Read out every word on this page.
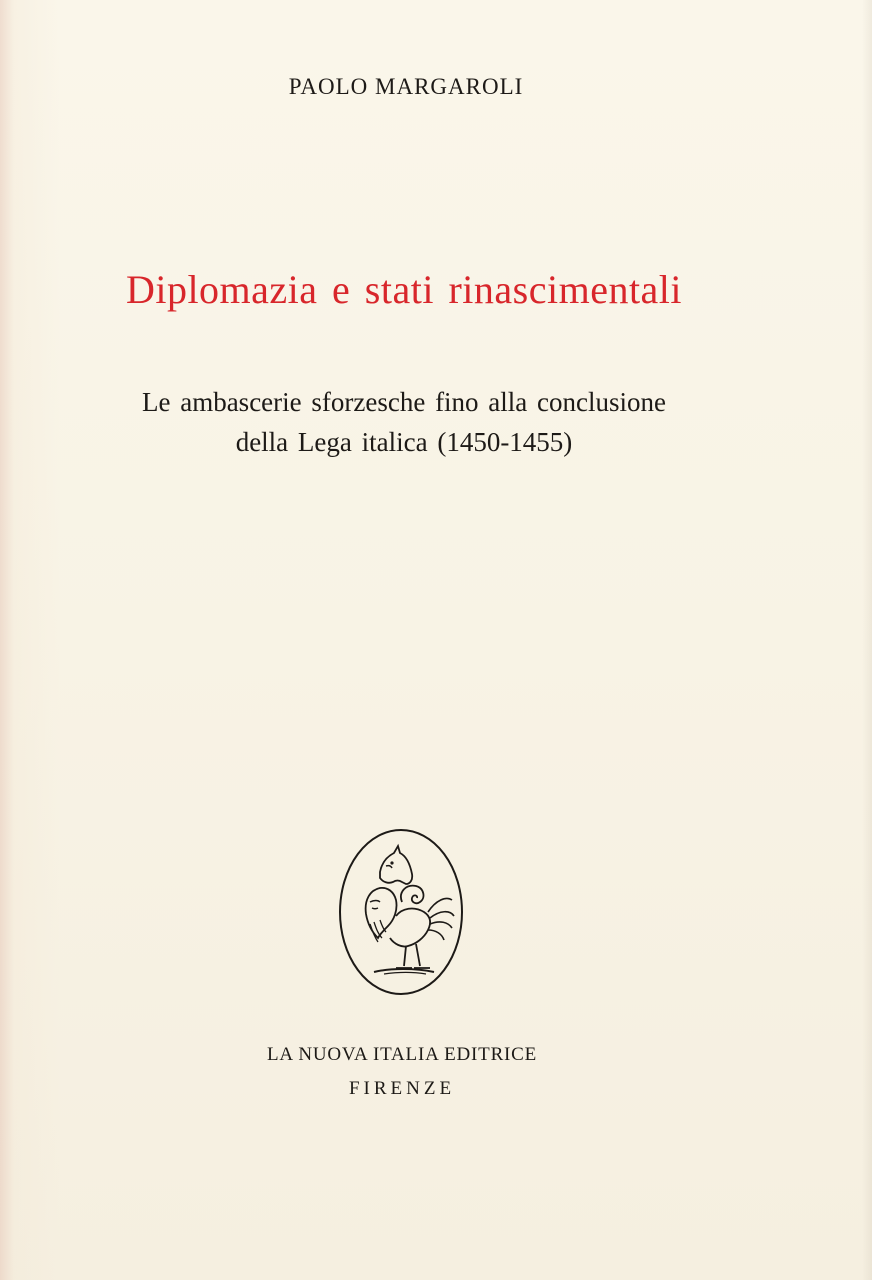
PAOLO MARGAROLI

Diplomazia e stati rinascimentali

Le ambascerie sforzesche fino alla conclusione
della Lega italica (1450-1455)

LA NUOVA ITALIA EDITRICE

FIRENZE
